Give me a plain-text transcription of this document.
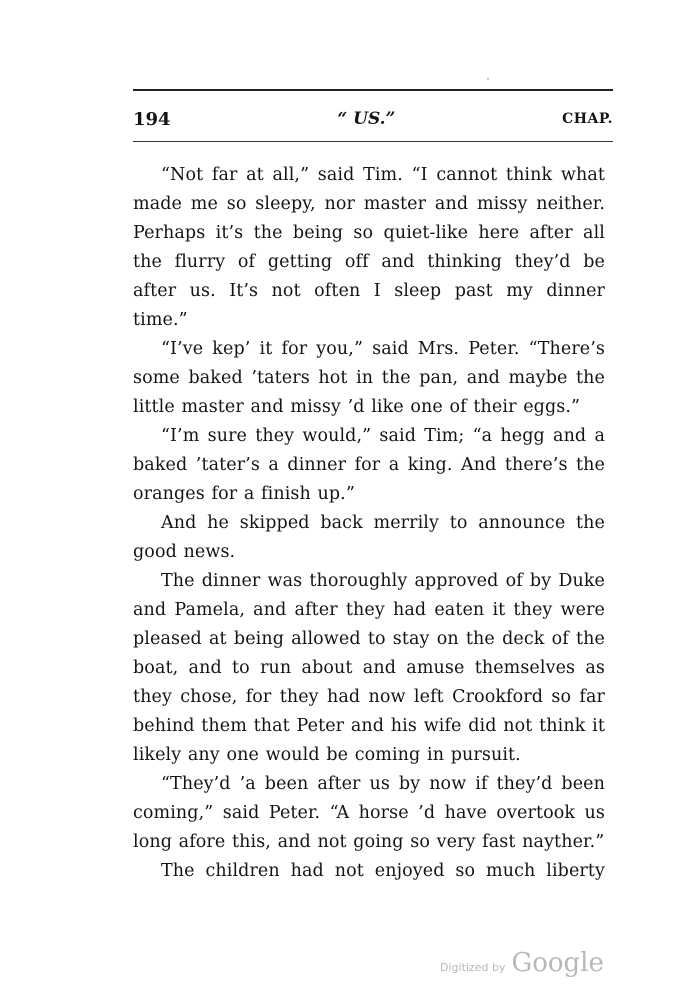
194	“ US.”	CHAP.

“Not far at all,” said Tim. “I cannot think what made me so sleepy, nor master and missy neither. Perhaps it’s the being so quiet-like here after all the flurry of getting off and thinking they’d be after us. It’s not often I sleep past my dinner time.”

“I’ve kep’ it for you,” said Mrs. Peter. “There’s some baked ’taters hot in the pan, and maybe the little master and missy ’d like one of their eggs.”

“I’m sure they would,” said Tim; “a hegg and a baked ’tater’s a dinner for a king. And there’s the oranges for a finish up.”

And he skipped back merrily to announce the good news.

The dinner was thoroughly approved of by Duke and Pamela, and after they had eaten it they were pleased at being allowed to stay on the deck of the boat, and to run about and amuse themselves as they chose, for they had now left Crookford so far behind them that Peter and his wife did not think it likely any one would be coming in pursuit.

“They’d ’a been after us by now if they’d been coming,” said Peter. “A horse ’d have overtook us long afore this, and not going so very fast nayther.”

The children had not enjoyed so much liberty

Digitized by Google
